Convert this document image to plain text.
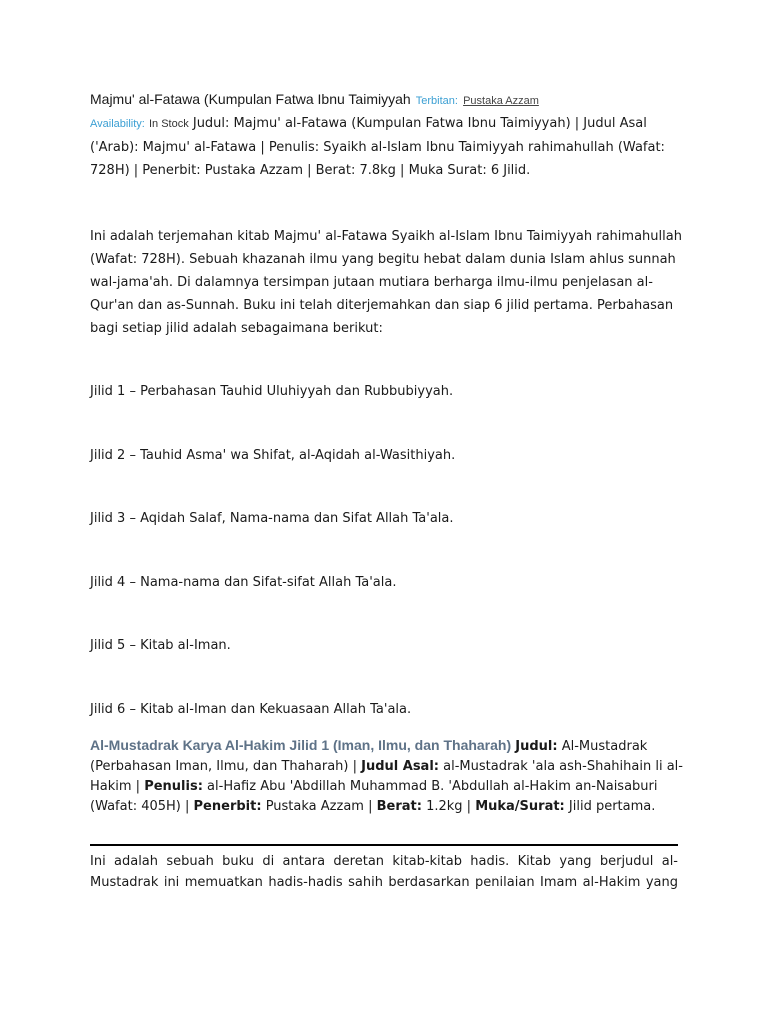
Majmu' al-Fatawa (Kumpulan Fatwa Ibnu Taimiyyah Terbitan: Pustaka Azzam
Availability: In Stock Judul: Majmu' al-Fatawa (Kumpulan Fatwa Ibnu Taimiyyah) | Judul Asal
('Arab): Majmu' al-Fatawa | Penulis: Syaikh al-Islam Ibnu Taimiyyah rahimahullah (Wafat:
728H) | Penerbit: Pustaka Azzam | Berat: 7.8kg | Muka Surat: 6 Jilid.
Ini adalah terjemahan kitab Majmu' al-Fatawa Syaikh al-Islam Ibnu Taimiyyah rahimahullah
(Wafat: 728H). Sebuah khazanah ilmu yang begitu hebat dalam dunia Islam ahlus sunnah
wal-jama'ah. Di dalamnya tersimpan jutaan mutiara berharga ilmu-ilmu penjelasan al-
Qur'an dan as-Sunnah. Buku ini telah diterjemahkan dan siap 6 jilid pertama. Perbahasan
bagi setiap jilid adalah sebagaimana berikut:
Jilid 1 – Perbahasan Tauhid Uluhiyyah dan Rubbubiyyah.
Jilid 2 – Tauhid Asma' wa Shifat, al-Aqidah al-Wasithiyah.
Jilid 3 – Aqidah Salaf, Nama-nama dan Sifat Allah Ta'ala.
Jilid 4 – Nama-nama dan Sifat-sifat Allah Ta'ala.
Jilid 5 – Kitab al-Iman.
Jilid 6 – Kitab al-Iman dan Kekuasaan Allah Ta'ala.
Al-Mustadrak Karya Al-Hakim Jilid 1 (Iman, Ilmu, dan Thaharah) Judul: Al-Mustadrak
(Perbahasan Iman, Ilmu, dan Thaharah) | Judul Asal: al-Mustadrak 'ala ash-Shahihain li al-
Hakim | Penulis: al-Hafiz Abu 'Abdillah Muhammad B. 'Abdullah al-Hakim an-Naisaburi
(Wafat: 405H) | Penerbit: Pustaka Azzam | Berat: 1.2kg | Muka/Surat: Jilid pertama.
Ini adalah sebuah buku di antara deretan kitab-kitab hadis. Kitab yang berjudul al-
Mustadrak ini memuatkan hadis-hadis sahih berdasarkan penilaian Imam al-Hakim yang
